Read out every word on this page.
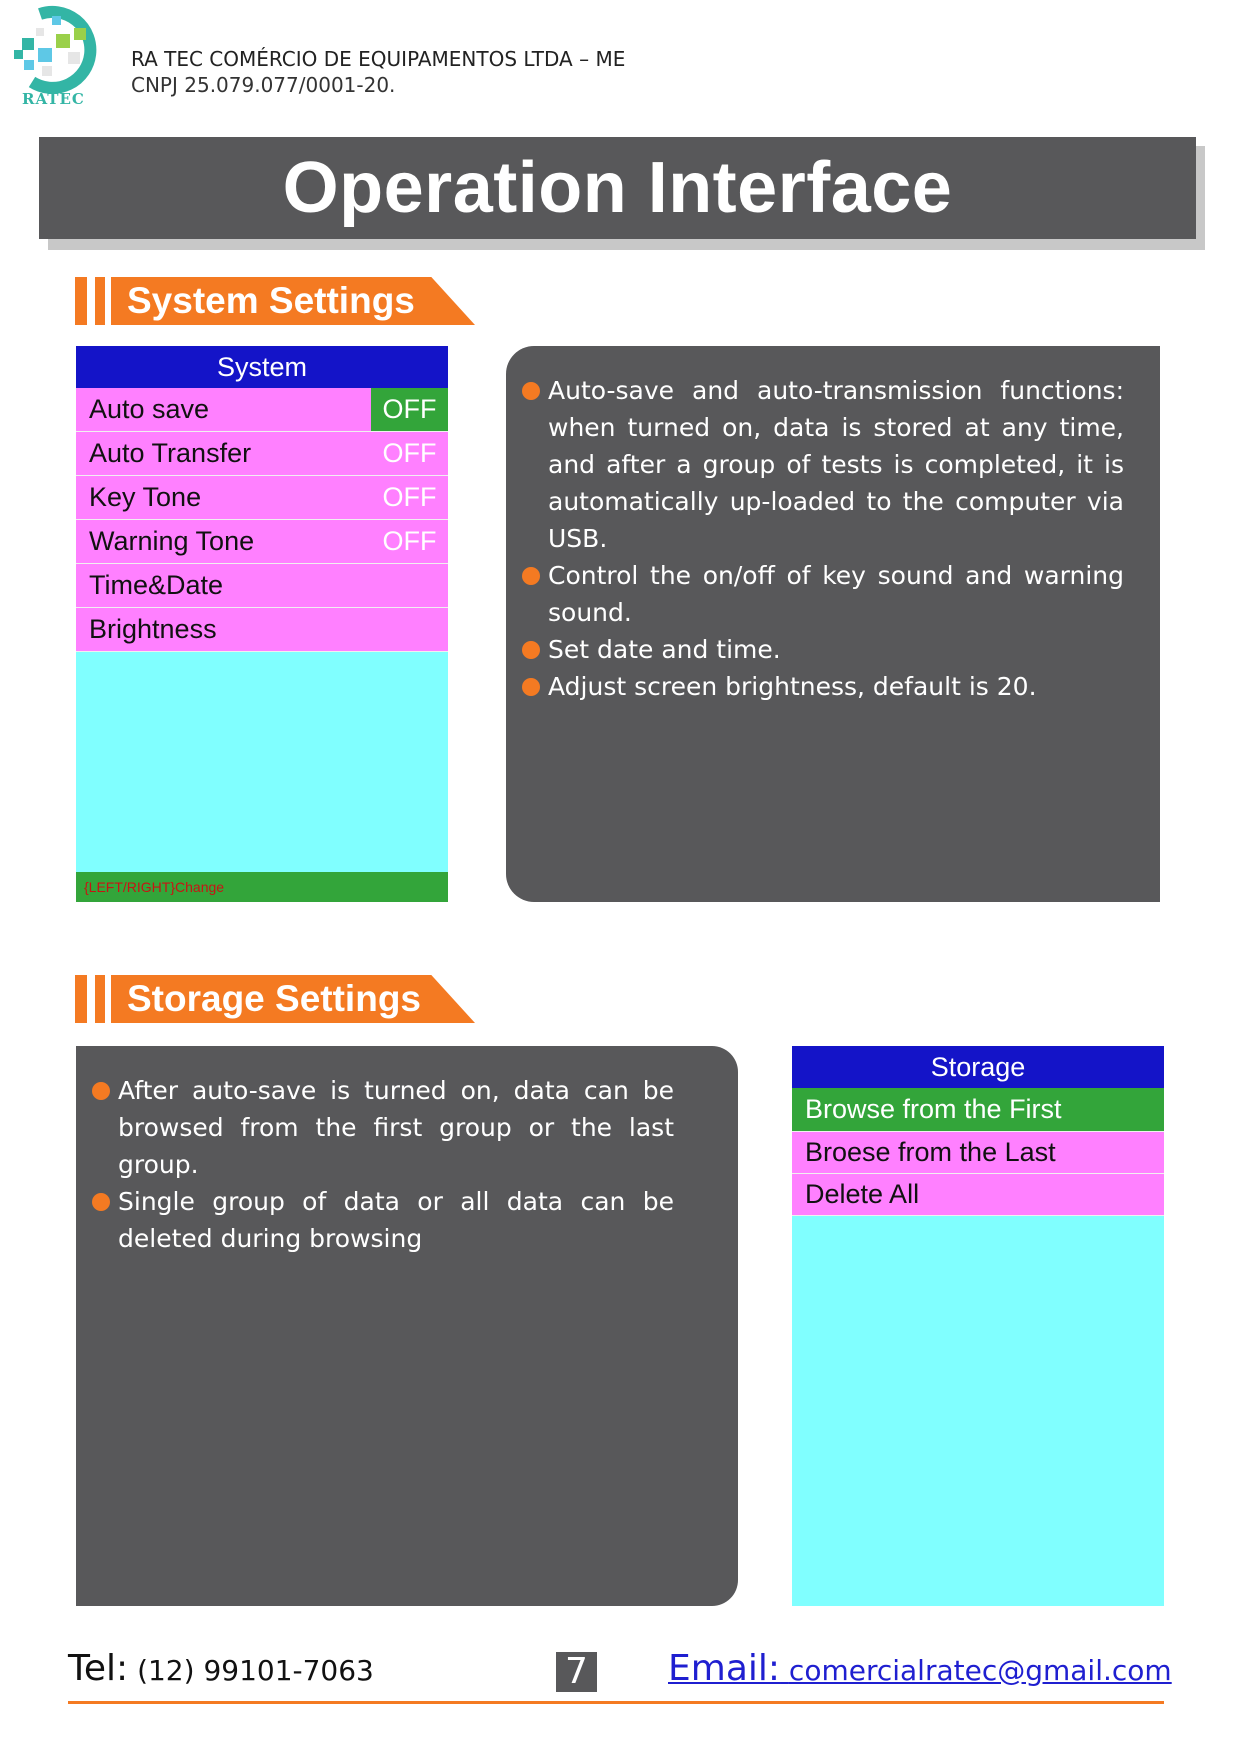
RATEC
RA TEC COMÉRCIO DE EQUIPAMENTOS LTDA – ME
CNPJ 25.079.077/0001-20.
Operation Interface
System Settings
System
Auto save	OFF
Auto Transfer	OFF
Key Tone	OFF
Warning Tone	OFF
Time&Date
Brightness
{LEFT/RIGHT}Change
Auto-save and auto-transmission functions: when turned on, data is stored at any time, and after a group of tests is completed, it is automatically up-loaded to the computer via USB.
Control the on/off of key sound and warning sound.
Set date and time.
Adjust screen brightness, default is 20.
Storage Settings
After auto-save is turned on, data can be browsed from the first group or the last group.
Single group of data or all data can be deleted during browsing
Storage
Browse from the First
Broese from the Last
Delete All
Tel: (12) 99101-7063	7 Email: comercialratec@gmail.com
